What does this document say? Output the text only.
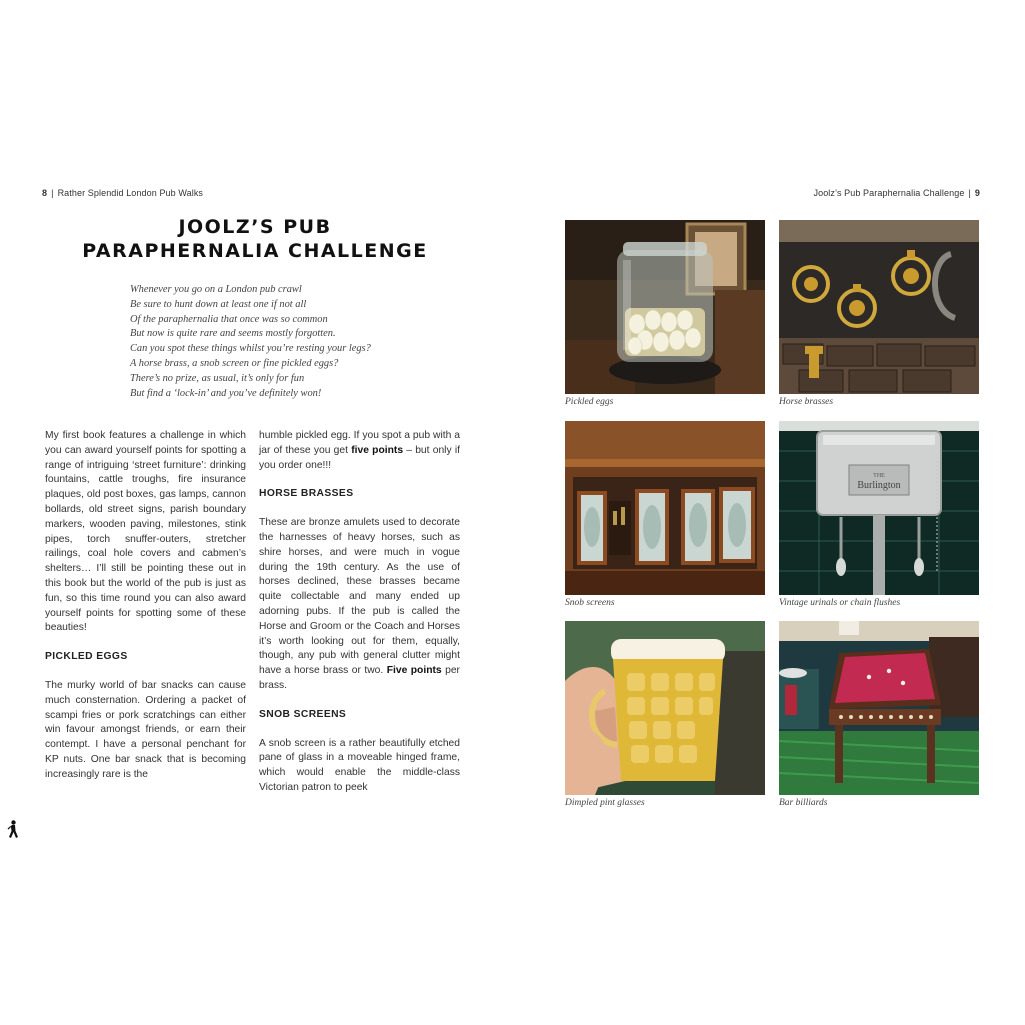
8 | Rather Splendid London Pub Walks	Joolz’s Pub Paraphernalia Challenge | 9
JOOLZ’S PUB
PARAPHERNALIA CHALLENGE
Whenever you go on a London pub crawl
Be sure to hunt down at least one if not all
Of the paraphernalia that once was so common
But now is quite rare and seems mostly forgotten.
Can you spot these things whilst you’re resting your legs?
A horse brass, a snob screen or fine pickled eggs?
There’s no prize, as usual, it’s only for fun
But find a ‘lock-in’ and you’ve definitely won!

My first book features a challenge in which you can award yourself points for spotting a range of intriguing ‘street furniture’: drinking fountains, cattle troughs, fire insurance plaques, old post boxes, gas lamps, cannon bollards, old street signs, parish boundary markers, wooden paving, milestones, stink pipes, torch snuffer-outers, stretcher railings, coal hole covers and cabmen’s shelters… I’ll still be pointing these out in this book but the world of the pub is just as fun, so this time round you can also award yourself points for spotting some of these beauties!

PICKLED EGGS

The murky world of bar snacks can cause much consternation. Ordering a packet of scampi fries or pork scratchings can either win favour amongst friends, or earn their contempt. I have a personal penchant for KP nuts. One bar snack that is becoming increasingly rare is the

humble pickled egg. If you spot a pub with a jar of these you get five points – but only if you order one!!!

HORSE BRASSES

These are bronze amulets used to decorate the harnesses of heavy horses, such as shire horses, and were much in vogue during the 19th century. As the use of horses declined, these brasses became quite collectable and many ended up adorning pubs. If the pub is called the Horse and Groom or the Coach and Horses it’s worth looking out for them, equally, though, any pub with general clutter might have a horse brass or two. Five points per brass.

SNOB SCREENS

A snob screen is a rather beautifully etched pane of glass in a moveable hinged frame, which would enable the middle-class Victorian patron to peek

Pickled eggs	Horse brasses
Snob screens
THE
Burlington
Vintage urinals or chain flushes
Dimpled pint glasses	Bar billiards
